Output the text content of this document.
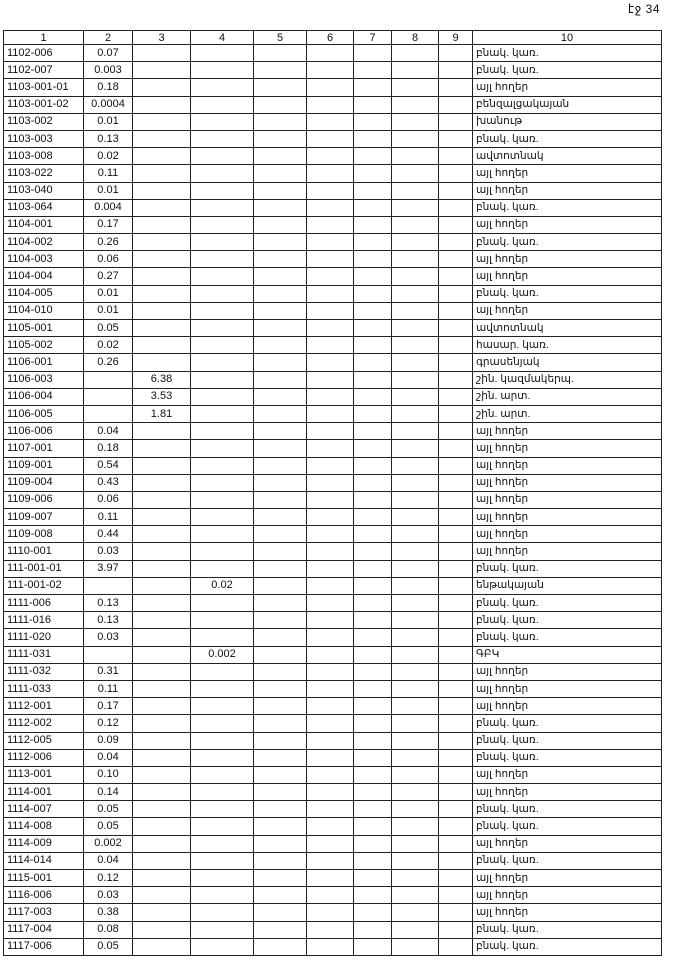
էջ 34
1	2	3	4	5	6	7	8	9	10
1102-006	0.07								բնակ. կառ.
1102-007	0.003								բնակ. կառ.
1103-001-01	0.18								այլ հողեր
1103-001-02	0.0004								բենզալցակայան
1103-002	0.01								խանութ
1103-003	0.13								բնակ. կառ.
1103-008	0.02								ավտոտնակ
1103-022	0.11								այլ հողեր
1103-040	0.01								այլ հողեր
1103-064	0.004								բնակ. կառ.
1104-001	0.17								այլ հողեր
1104-002	0.26								բնակ. կառ.
1104-003	0.06								այլ հողեր
1104-004	0.27								այլ հողեր
1104-005	0.01								բնակ. կառ.
1104-010	0.01								այլ հողեր
1105-001	0.05								ավտոտնակ
1105-002	0.02								հասար. կառ.
1106-001	0.26								գրասենյակ
1106-003		6.38							շին. կազմակերպ.
1106-004		3.53							շին. արտ.
1106-005		1.81							շին. արտ.
1106-006	0.04								այլ հողեր
1107-001	0.18								այլ հողեր
1109-001	0.54								այլ հողեր
1109-004	0.43								այլ հողեր
1109-006	0.06								այլ հողեր
1109-007	0.11								այլ հողեր
1109-008	0.44								այլ հողեր
1110-001	0.03								այլ հողեր
111-001-01	3.97								բնակ. կառ.
111-001-02			0.02						ենթակայան
1111-006	0.13								բնակ. կառ.
1111-016	0.13								բնակ. կառ.
1111-020	0.03								բնակ. կառ.
1111-031			0.002						ԳԲԿ
1111-032	0.31								այլ հողեր
1111-033	0.11								այլ հողեր
1112-001	0.17								այլ հողեր
1112-002	0.12								բնակ. կառ.
1112-005	0.09								բնակ. կառ.
1112-006	0.04								բնակ. կառ.
1113-001	0.10								այլ հողեր
1114-001	0.14								այլ հողեր
1114-007	0.05								բնակ. կառ.
1114-008	0.05								բնակ. կառ.
1114-009	0.002								այլ հողեր
1114-014	0.04								բնակ. կառ.
1115-001	0.12								այլ հողեր
1116-006	0.03								այլ հողեր
1117-003	0.38								այլ հողեր
1117-004	0.08								բնակ. կառ.
1117-006	0.05								բնակ. կառ.
